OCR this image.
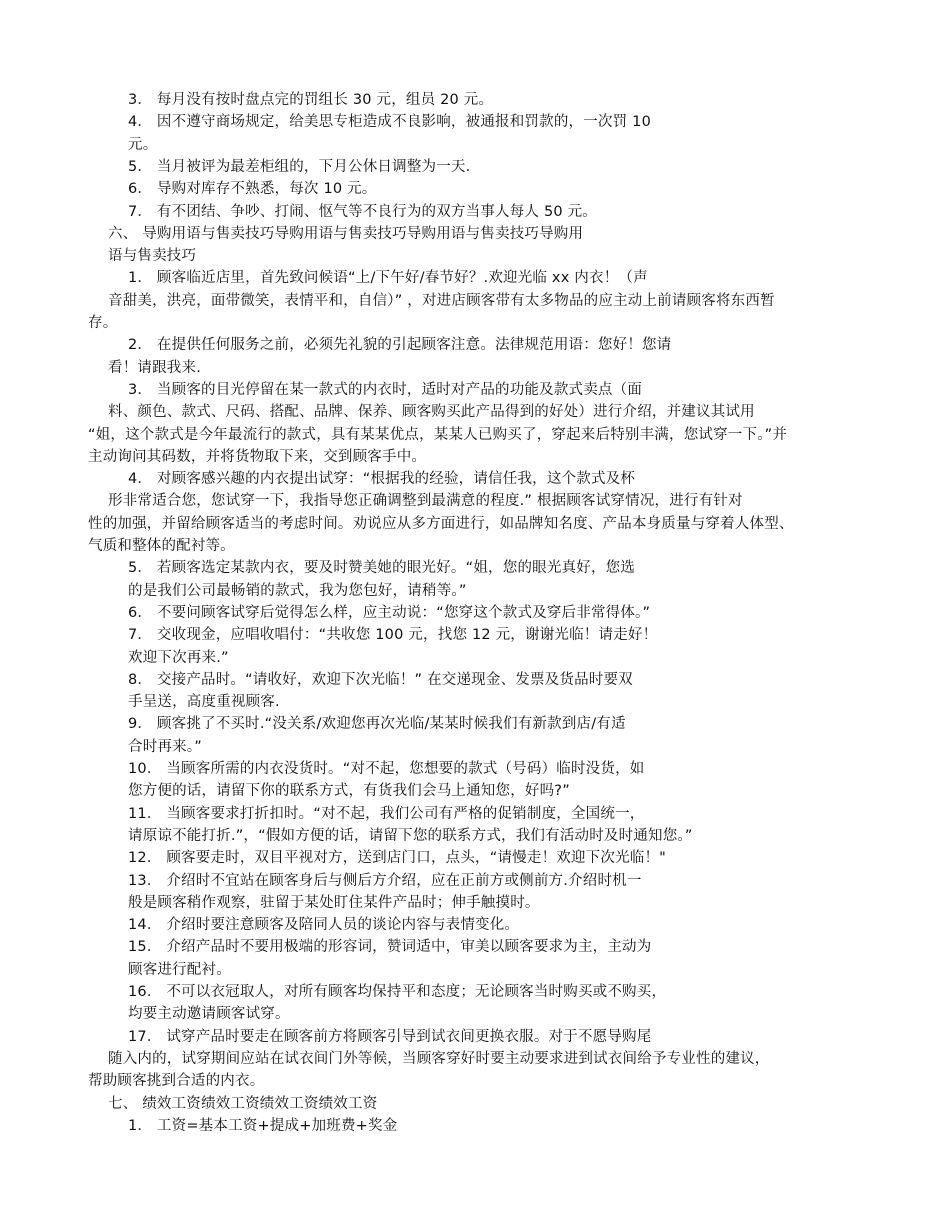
3． 每月没有按时盘点完的罚组长 30 元，组员 20 元。
4． 因不遵守商场规定，给美思专柜造成不良影响，被通报和罚款的，一次罚 10
元。
5． 当月被评为最差柜组的，下月公休日调整为一天.
6． 导购对库存不熟悉，每次 10 元。
7． 有不团结、争吵、打闹、怄气等不良行为的双方当事人每人 50 元。
六、 导购用语与售卖技巧导购用语与售卖技巧导购用语与售卖技巧导购用
语与售卖技巧
1． 顾客临近店里，首先致问候语“上/下午好/春节好？.欢迎光临 xx 内衣！（声
音甜美，洪亮，面带微笑，表情平和，自信）” ，对进店顾客带有太多物品的应主动上前请顾客将东西暂
存。
2． 在提供任何服务之前，必须先礼貌的引起顾客注意。法律规范用语：您好！您请
看！请跟我来.
3． 当顾客的目光停留在某一款式的内衣时，适时对产品的功能及款式卖点（面
料、颜色、款式、尺码、搭配、品牌、保养、顾客购买此产品得到的好处）进行介绍，并建议其试用
“姐，这个款式是今年最流行的款式，具有某某优点，某某人已购买了，穿起来后特别丰满，您试穿一下。”并
主动询问其码数，并将货物取下来，交到顾客手中。
4． 对顾客感兴趣的内衣提出试穿：“根据我的经验，请信任我，这个款式及杯
形非常适合您，您试穿一下，我指导您正确调整到最满意的程度.” 根据顾客试穿情况，进行有针对
性的加强，并留给顾客适当的考虑时间。劝说应从多方面进行，如品牌知名度、产品本身质量与穿着人体型、
气质和整体的配衬等。
5． 若顾客选定某款内衣，要及时赞美她的眼光好。“姐，您的眼光真好，您选
的是我们公司最畅销的款式，我为您包好，请稍等。”
6． 不要问顾客试穿后觉得怎么样，应主动说：“您穿这个款式及穿后非常得体。”
7． 交收现金，应唱收唱付：“共收您 100 元，找您 12 元，谢谢光临！请走好！
欢迎下次再来.”
8． 交接产品时。“请收好，欢迎下次光临！” 在交递现金、发票及货品时要双
手呈送，高度重视顾客.
9． 顾客挑了不买时.“没关系/欢迎您再次光临/某某时候我们有新款到店/有适
合时再来。”
10． 当顾客所需的内衣没货时。“对不起，您想要的款式（号码）临时没货，如
您方便的话，请留下你的联系方式，有货我们会马上通知您，好吗?”
11． 当顾客要求打折扣时。“对不起，我们公司有严格的促销制度，全国统一，
请原谅不能打折.”，“假如方便的话，请留下您的联系方式，我们有活动时及时通知您。”
12． 顾客要走时，双目平视对方，送到店门口，点头，“请慢走！欢迎下次光临！"
13． 介绍时不宜站在顾客身后与侧后方介绍，应在正前方或侧前方.介绍时机一
般是顾客稍作观察，驻留于某处盯住某件产品时；伸手触摸时。
14． 介绍时要注意顾客及陪同人员的谈论内容与表情变化。
15． 介绍产品时不要用极端的形容词，赞词适中，审美以顾客要求为主，主动为
顾客进行配衬。
16． 不可以衣冠取人，对所有顾客均保持平和态度；无论顾客当时购买或不购买，
均要主动邀请顾客试穿。
17． 试穿产品时要走在顾客前方将顾客引导到试衣间更换衣服。对于不愿导购尾
随入内的，试穿期间应站在试衣间门外等候，当顾客穿好时要主动要求进到试衣间给予专业性的建议，
帮助顾客挑到合适的内衣。
七、 绩效工资绩效工资绩效工资绩效工资
1． 工资=基本工资+提成+加班费+奖金
